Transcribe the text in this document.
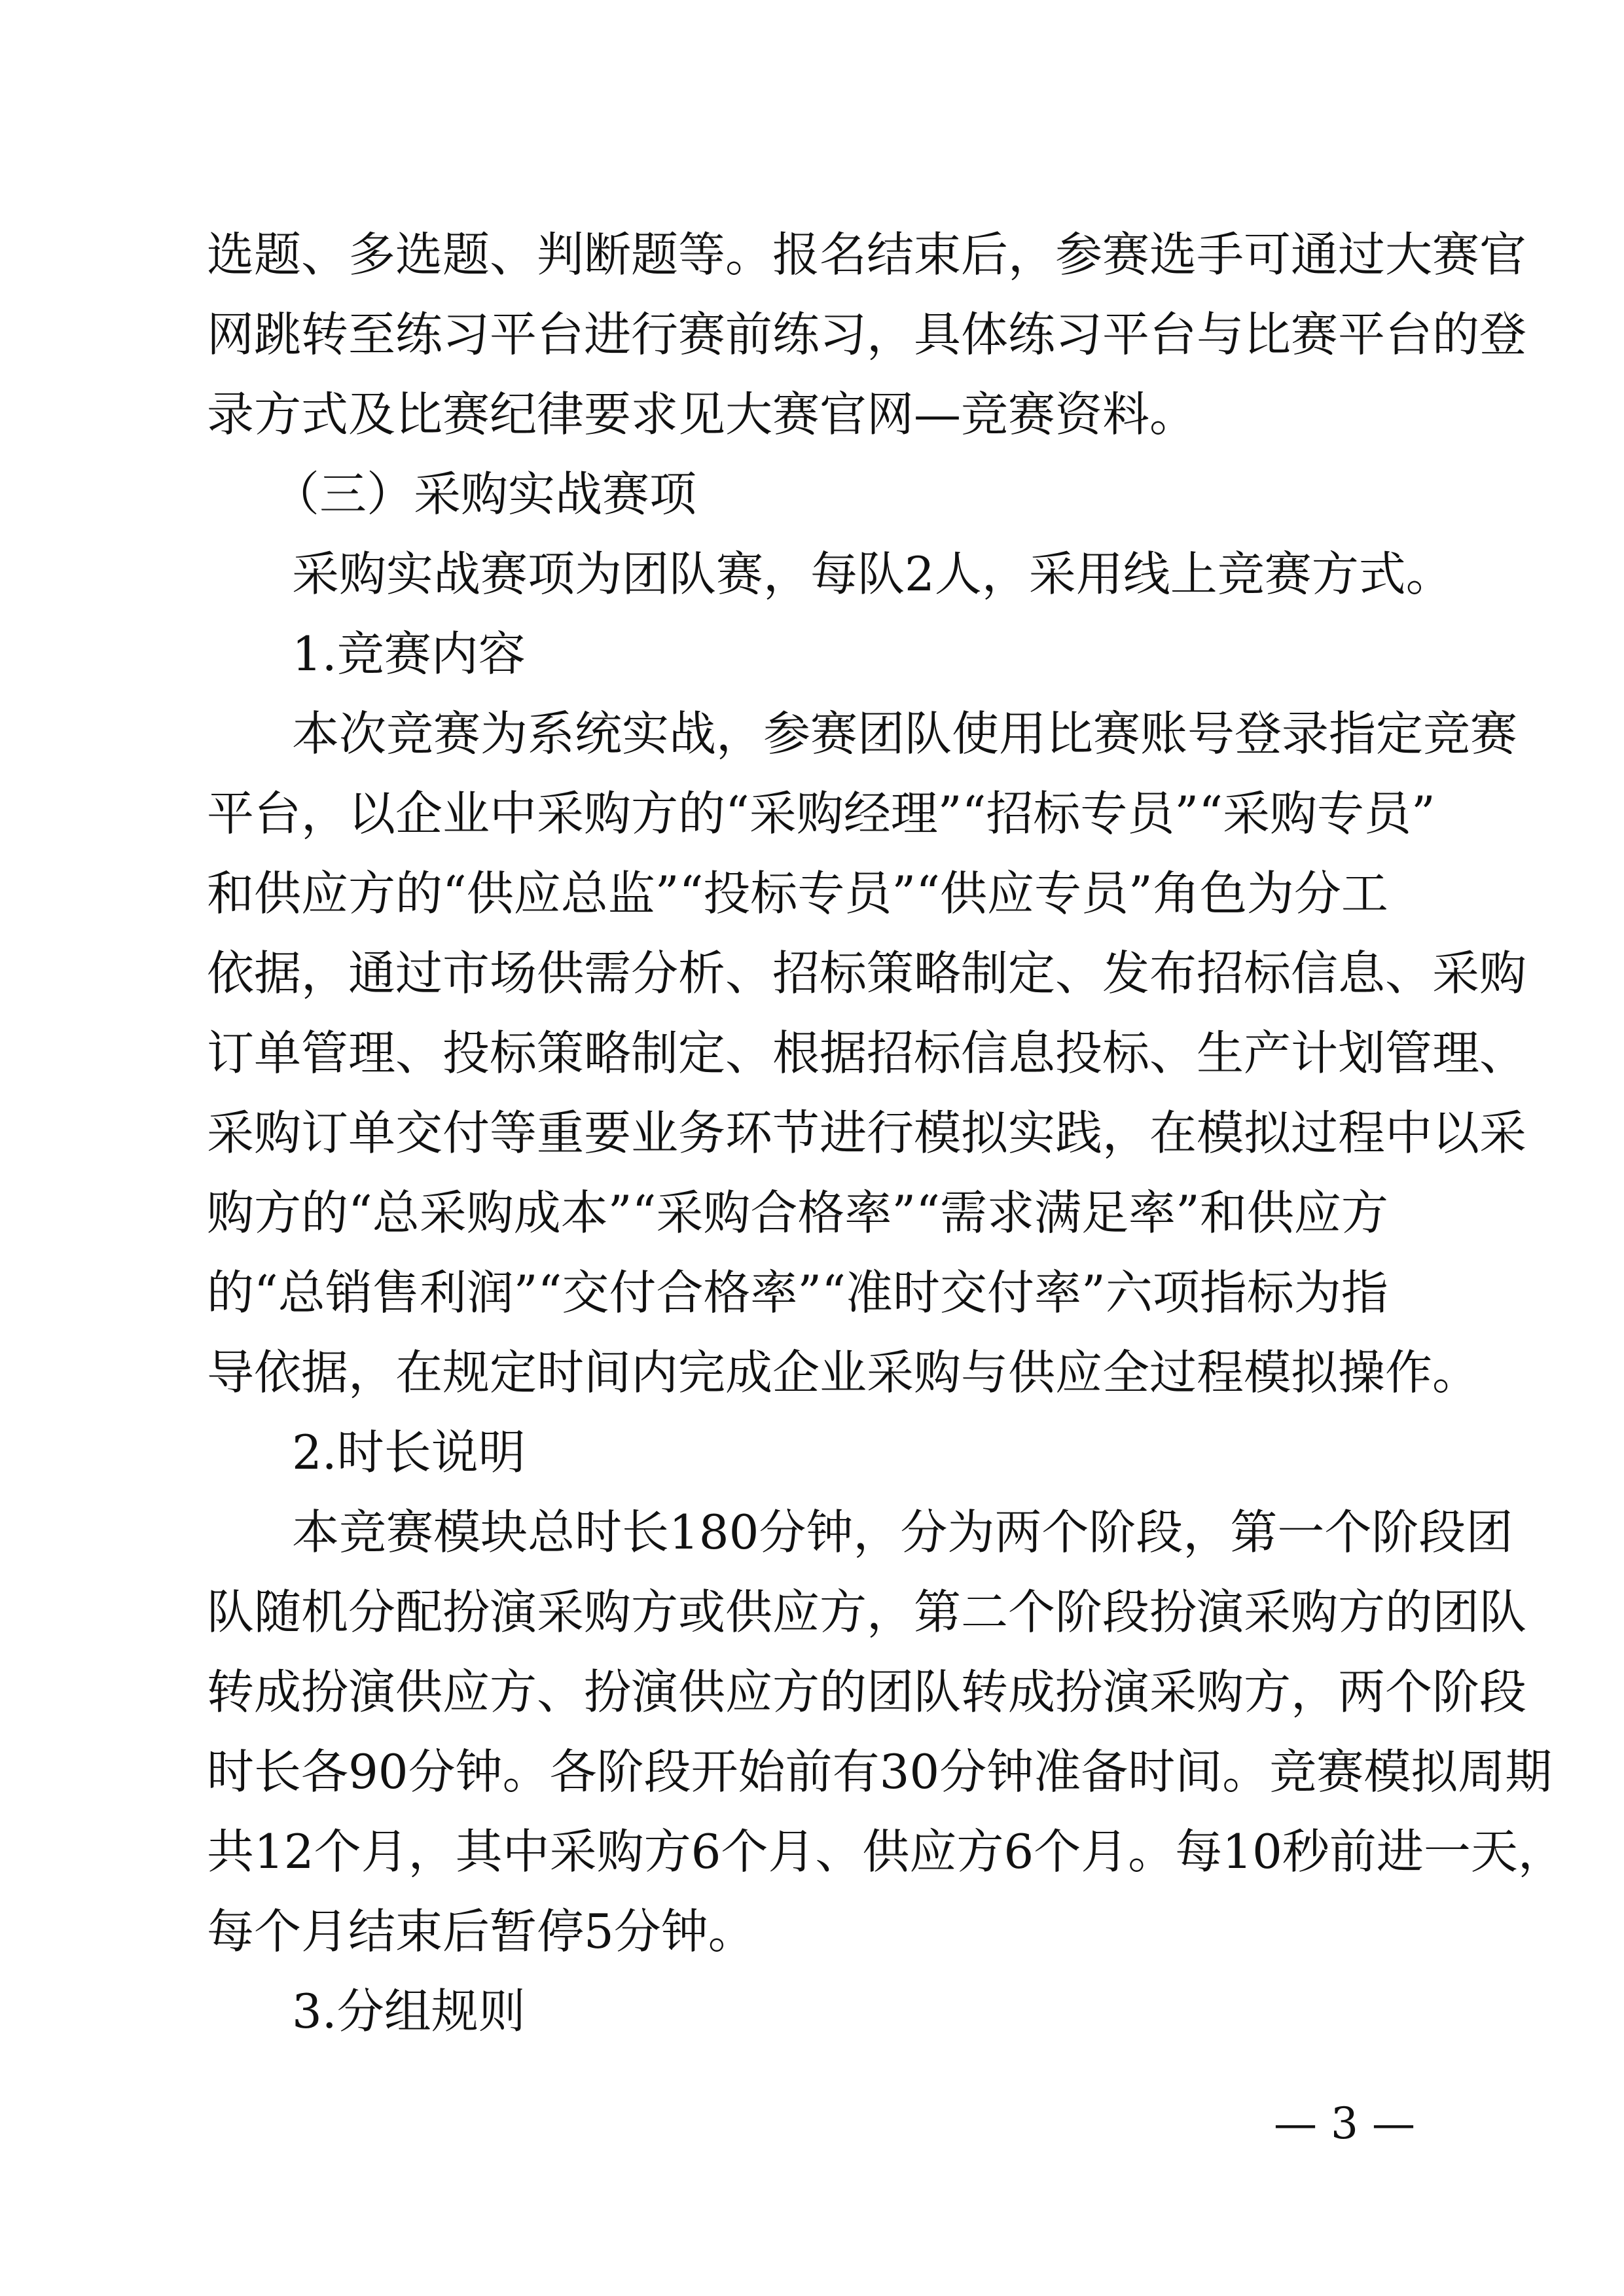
选题、多选题、判断题等。报名结束后，参赛选手可通过大赛官
网跳转至练习平台进行赛前练习，具体练习平台与比赛平台的登
录方式及比赛纪律要求见大赛官网—竞赛资料。
（三）采购实战赛项
采购实战赛项为团队赛，每队2人，采用线上竞赛方式。
1.竞赛内容
本次竞赛为系统实战，参赛团队使用比赛账号登录指定竞赛
平台，以企业中采购方的“采购经理”“招标专员”“采购专员”
和供应方的“供应总监”“投标专员”“供应专员”角色为分工
依据，通过市场供需分析、招标策略制定、发布招标信息、采购
订单管理、投标策略制定、根据招标信息投标、生产计划管理、
采购订单交付等重要业务环节进行模拟实践，在模拟过程中以采
购方的“总采购成本”“采购合格率”“需求满足率”和供应方
的“总销售利润”“交付合格率”“准时交付率”六项指标为指
导依据，在规定时间内完成企业采购与供应全过程模拟操作。
2.时长说明
本竞赛模块总时长180分钟，分为两个阶段，第一个阶段团
队随机分配扮演采购方或供应方，第二个阶段扮演采购方的团队
转成扮演供应方、扮演供应方的团队转成扮演采购方，两个阶段
时长各90分钟。各阶段开始前有30分钟准备时间。竞赛模拟周期
共12个月，其中采购方6个月、供应方6个月。每10秒前进一天，
每个月结束后暂停5分钟。
3.分组规则
— 3 —
